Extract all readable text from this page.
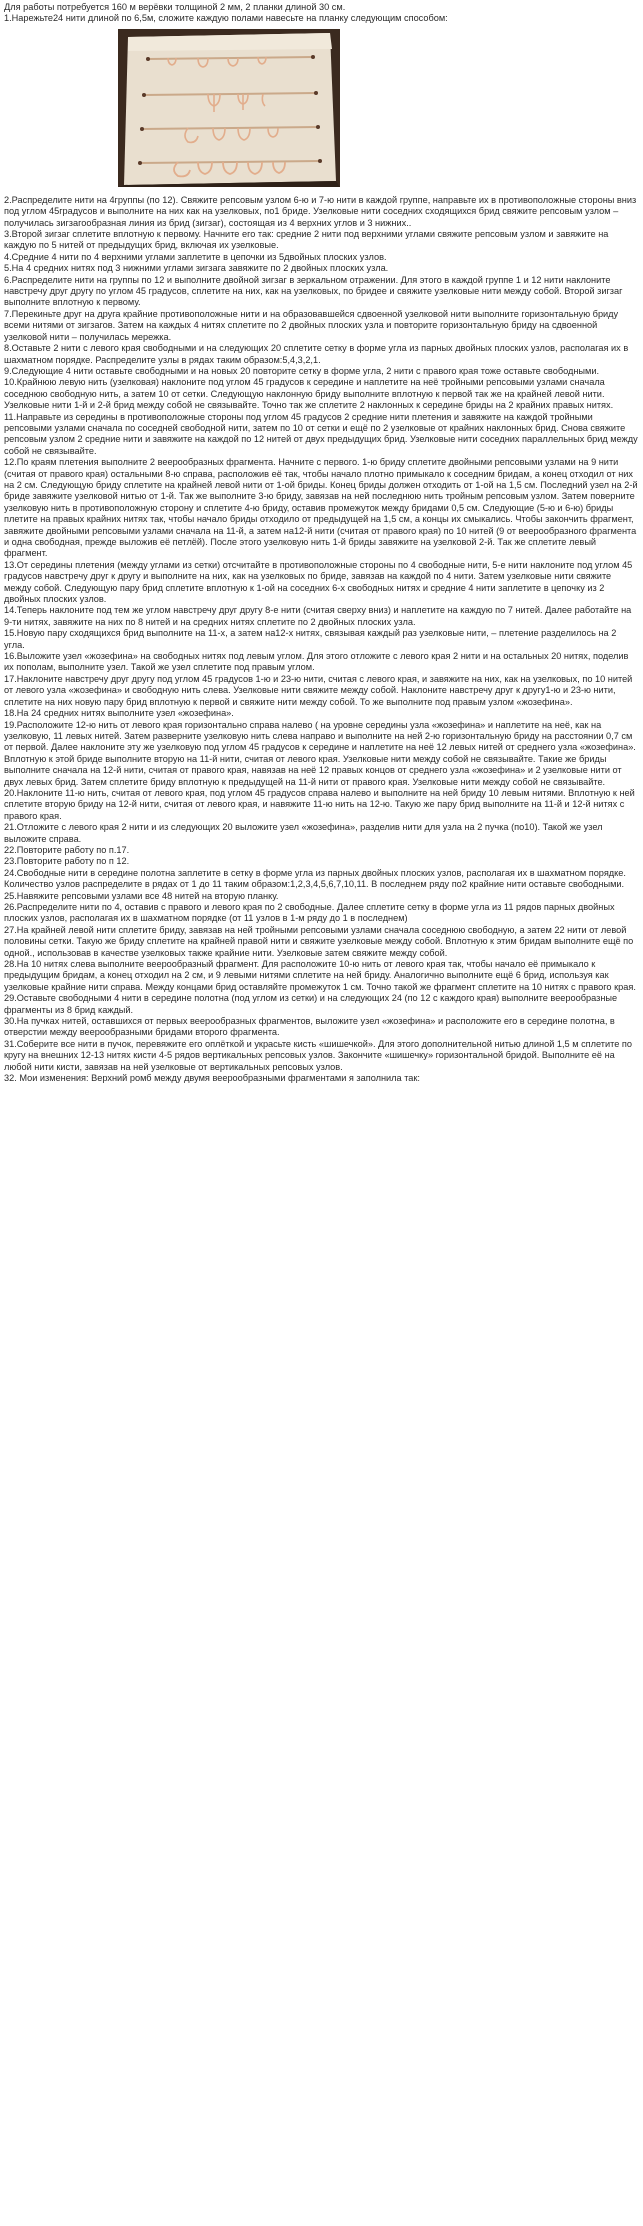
Для работы потребуется 160 м верёвки толщиной 2 мм, 2 планки длиной 30 см.

1.Нарежьте24 нити длиной по 6,5м, сложите каждую полами навесьте на планку следующим способом:

2.Распределите нити на 4группы (по 12). Свяжите репсовым узлом 6-ю и 7-ю нити в каждой группе, направьте их в противоположные стороны вниз под углом 45градусов и выполните на них как на узелковых, по1 бриде. Узелковые нити соседних сходящихся брид свяжите репсовым узлом – получилась зигзагообразная линия из брид (зигзаг), состоящая из 4 верхних углов и 3 нижних..

3.Второй зигзаг сплетите вплотную к первому. Начните его так: средние 2 нити под верхними углами свяжите репсовым узлом и завяжите на каждую по 5 нитей от предыдущих брид, включая их узелковые.

4.Средние 4 нити по 4 верхними углами заплетите в цепочки из 5двойных плоских узлов.

5.На 4 средних нитях под 3 нижними углами зигзага завяжите по 2 двойных плоских узла.

6.Распределите нити на группы по 12 и выполните двойной зигзаг в зеркальном отражении. Для этого в каждой группе 1 и 12 нити наклоните навстречу друг другу по углом 45 градусов, сплетите на них, как на узелковых, по бридее и свяжите узелковые нити между собой. Второй зигзаг выполните вплотную к первому.

7.Перекиньте друг на друга крайние противоположные нити и на образовавшейся сдвоенной узелковой нити выполните горизонтальную бриду всеми нитями от зигзагов. Затем на каждых 4 нитях сплетите по 2 двойных плоских узла и повторите горизонтальную бриду на сдвоенной узелковой нити – получилась мережка.

8.Оставьте 2 нити с левого края свободными и на следующих 20 сплетите сетку в форме угла из парных двойных плоских узлов, располагая их в шахматном порядке. Распределите узлы в рядах таким образом:5,4,3,2,1.

9.Следующие 4 нити оставьте свободными и на новых 20 повторите сетку в форме угла, 2 нити с правого края тоже оставьте свободными.

10.Крайнюю левую нить (узелковая) наклоните под углом 45 градусов к середине и наплетите на неё тройными репсовыми узлами сначала соседнюю свободную нить, а затем 10 от сетки. Следующую наклонную бриду выполните вплотную к первой так же на крайней левой нити. Узелковые нити 1-й и 2-й брид между собой не связывайте. Точно так же сплетите 2 наклонных к середине бриды на 2 крайних правых нитях.

11.Направьте из середины в противоположные стороны под углом 45 градусов 2 средние нити плетения и завяжите на каждой тройными репсовыми узлами сначала по соседней свободной нити, затем по 10 от сетки и ещё по 2 узелковые от крайних наклонных брид. Снова свяжите репсовым узлом 2 средние нити и завяжите на каждой по 12 нитей от двух предыдущих брид. Узелковые нити соседних параллельных брид между собой не связывайте.

12.По краям плетения выполните 2 веерообразных фрагмента. Начните с первого. 1-ю бриду сплетите двойными репсовыми узлами на 9 нити (считая от правого края) остальными 8-ю справа, расположив её так, чтобы начало плотно примыкало к соседним бридам, а конец отходил от них на 2 см. Следующую бриду сплетите на крайней левой нити от 1-ой бриды. Конец бриды должен отходить от 1-ой на 1,5 см. Последний узел на 2-й бриде завяжите узелковой нитью от 1-й. Так же выполните 3-ю бриду, завязав на ней последнюю нить тройным репсовым узлом. Затем поверните узелковую нить в противоположную сторону и сплетите 4-ю бриду, оставив промежуток между бридами 0,5 см. Следующие (5-ю и 6-ю) бриды плетите на правых крайних нитях так, чтобы начало бриды отходило от предыдущей на 1,5 см, а концы их смыкались. Чтобы закончить фрагмент, завяжите двойными репсовыми узлами сначала на 11-й, а затем на12-й нити (считая от правого края) по 10 нитей (9 от веерообразного фрагмента и одна свободная, прежде выложив её петлёй). После этого узелковую нить 1-й бриды завяжите на узелковой 2-й. Так же сплетите левый фрагмент.

13.От середины плетения (между углами из сетки) отсчитайте в противоположные стороны по 4 свободные нити, 5-е нити наклоните под углом 45 градусов навстречу друг к другу и выполните на них, как на узелковых по бриде, завязав на каждой по 4 нити. Затем узелковые нити свяжите между собой. Следующую пару брид сплетите вплотную к 1-ой на соседних 6-х свободных нитях и средние 4 нити заплетите в цепочку из 2 двойных плоских узлов.

14.Теперь наклоните под тем же углом навстречу друг другу 8-е нити (считая сверху вниз) и наплетите на каждую по 7 нитей. Далее работайте на 9-ти нитях, завяжите на них по 8 нитей и на средних нитях сплетите по 2 двойных плоских узла.

15.Новую пару сходящихся брид выполните на 11-х, а затем на12-х нитях, связывая каждый раз узелковые нити, – плетение разделилось на 2 угла.

16.Выложите узел «жозефина» на свободных нитях под левым углом. Для этого отложите с левого края 2 нити и на остальных 20 нитях, поделив их пополам, выполните узел. Такой же узел сплетите под правым углом.

17.Наклоните навстречу друг другу под углом 45 градусов 1-ю и 23-ю нити, считая с левого края, и завяжите на них, как на узелковых, по 10 нитей от левого узла «жозефина» и свободную нить слева. Узелковые нити свяжите между собой. Наклоните навстречу друг к другу1-ю и 23-ю нити, сплетите на них новую пару брид вплотную к первой и свяжите нити между собой. То же выполните под правым узлом «жозефина».

18.На 24 средних нитях выполните узел «жозефина».

19.Расположите 12-ю нить от левого края горизонтально справа налево ( на уровне середины узла «жозефина» и наплетите на неё, как на узелковую, 11 левых нитей. Затем разверните узелковую нить слева направо и выполните на ней 2-ю горизонтальную бриду на расстоянии 0,7 см от первой. Далее наклоните эту же узелковую под углом 45 градусов к середине и наплетите на неё 12 левых нитей от среднего узла «жозефина». Вплотную к этой бриде выполните вторую на 11-й нити, считая от левого края. Узелковые нити между собой не связывайте. Такие же бриды выполните сначала на 12-й нити, считая от правого края, навязав на неё 12 правых концов от среднего узла «жозефина» и 2 узелковые нити от двух левых брид. Затем сплетите бриду вплотную к предыдущей на 11-й нити от правого края. Узелковые нити между собой не связывайте.

20.Наклоните 11-ю нить, считая от левого края, под углом 45 градусов справа налево и выполните на ней бриду 10 левым нитями. Вплотную к ней сплетите вторую бриду на 12-й нити, считая от левого края, и навяжите 11-ю нить на 12-ю. Такую же пару брид выполните на 11-й и 12-й нитях с правого края.

21.Отложите с левого края 2 нити и из следующих 20 выложите узел «жозефина», разделив нити для узла на 2 пучка (по10). Такой же узел выложите справа.

22.Повторите работу по п.17.

23.Повторите работу по п 12.

24.Свободные нити в середине полотна заплетите в сетку в форме угла из парных двойных плоских узлов, располагая их в шахматном порядке. Количество узлов распределите в рядах от 1 до 11 таким образом:1,2,3,4,5,6,7,10,11. В последнем ряду по2 крайние нити оставьте свободными.

25.Навяжите репсовыми узлами все 48 нитей на вторую планку.

26.Распределите нити по 4, оставив с правого и левого края по 2 свободные. Далее сплетите сетку в форме угла из 11 рядов парных двойных плоских узлов, располагая их в шахматном порядке (от 11 узлов в 1-м ряду до 1 в последнем)

27.На крайней левой нити сплетите бриду, завязав на ней тройными репсовыми узлами сначала соседнюю свободную, а затем 22 нити от левой половины сетки. Такую же бриду сплетите на крайней правой нити и свяжите узелковые между собой. Вплотную к этим бридам выполните ещё по одной., использовав в качестве узелковых также крайние нити. Узелковые затем свяжите между собой.

28.На 10 нитях слева выполните веерообразный фрагмент. Для расположите 10-ю нить от левого края так, чтобы начало её примыкало к предыдущим бридам, а конец отходил на 2 см, и 9 левыми нитями сплетите на ней бриду. Аналогично выполните ещё 6 брид, используя как узелковые крайние нити справа. Между концами брид оставляйте промежуток 1 см. Точно такой же фрагмент сплетите на 10 нитях с правого края.

29.Оставьте свободными 4 нити в середине полотна (под углом из сетки) и на следующих 24 (по 12 с каждого края) выполните веерообразные фрагменты из 8 брид каждый.

30.На пучках нитей, оставшихся от первых веерообразных фрагментов, выложите узел «жозефина» и расположите его в середине полотна, в отверстии между веерообразными бридами второго фрагмента.

31.Соберите все нити в пучок, перевяжите его оплёткой и украсьте кисть «шишечкой». Для этого дополнительной нитью длиной 1,5 м сплетите по кругу на внешних 12-13 нитях кисти 4-5 рядов вертикальных репсовых узлов. Закончите «шишечку» горизонтальной бридой. Выполните её на любой нити кисти, завязав на ней узелковые от вертикальных репсовых узлов.

32. Мои изменения: Верхний ромб между двумя веерообразными фрагментами я заполнила так:
